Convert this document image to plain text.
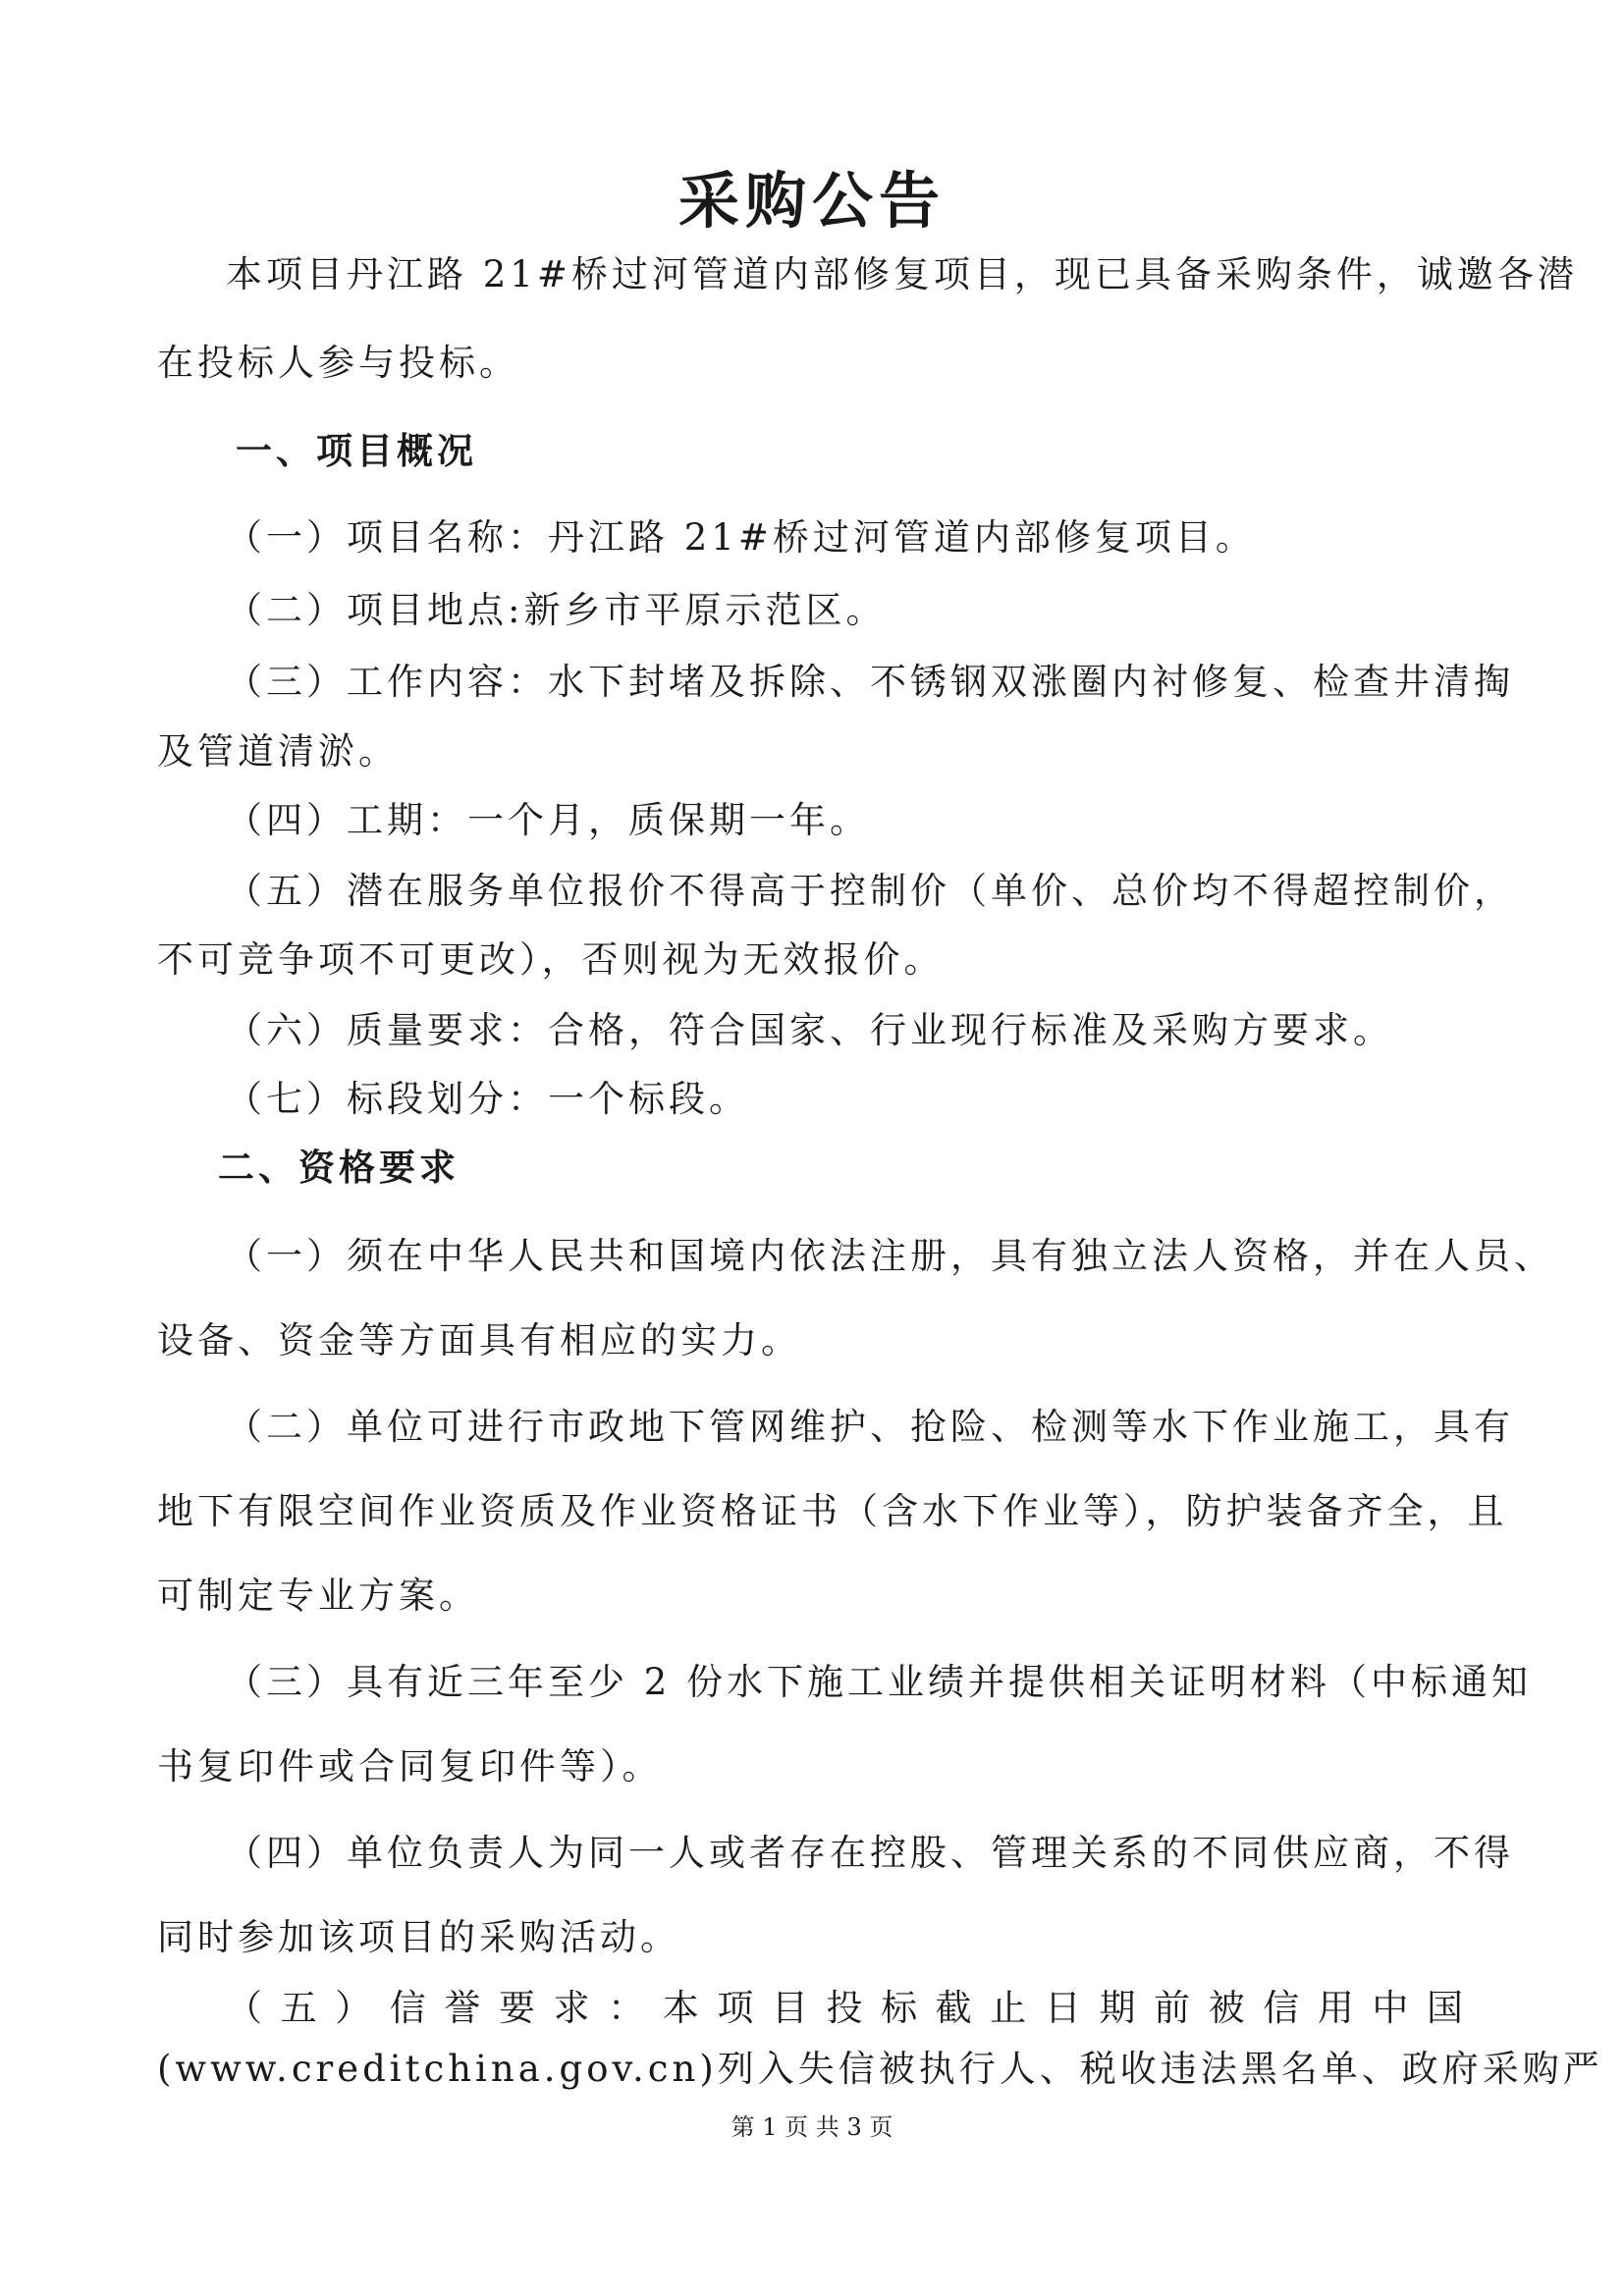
采购公告
本项目丹江路 21#桥过河管道内部修复项目，现已具备采购条件，诚邀各潜
在投标人参与投标。
一、项目概况
（一）项目名称：丹江路 21#桥过河管道内部修复项目。
（二）项目地点:新乡市平原示范区。
（三）工作内容：水下封堵及拆除、不锈钢双涨圈内衬修复、检查井清掏
及管道清淤。
（四）工期：一个月，质保期一年。
（五）潜在服务单位报价不得高于控制价（单价、总价均不得超控制价，
不可竞争项不可更改），否则视为无效报价。
（六）质量要求：合格，符合国家、行业现行标准及采购方要求。
（七）标段划分：一个标段。
二、资格要求
（一）须在中华人民共和国境内依法注册，具有独立法人资格，并在人员、
设备、资金等方面具有相应的实力。
（二）单位可进行市政地下管网维护、抢险、检测等水下作业施工，具有
地下有限空间作业资质及作业资格证书（含水下作业等），防护装备齐全，且
可制定专业方案。
（三）具有近三年至少 2 份水下施工业绩并提供相关证明材料（中标通知
书复印件或合同复印件等）。
（四）单位负责人为同一人或者存在控股、管理关系的不同供应商，不得
同时参加该项目的采购活动。
（五）信誉要求：本项目投标截止日期前被信用中国
第 1 页 共 3 页
(www.creditchina.gov.cn)列入失信被执行人、税收违法黑名单、政府采购严
